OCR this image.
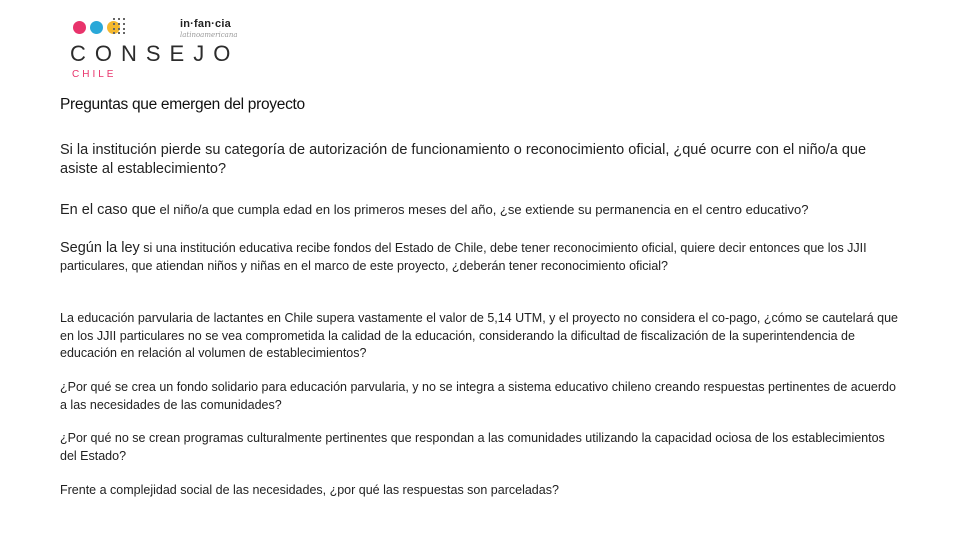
in·fan·cia
latinoamericana
CONSEJO
CHILE
Preguntas que emergen del proyecto

Si la institución pierde su categoría de autorización de funcionamiento o reconocimiento oficial, ¿qué ocurre con el niño/a que asiste al establecimiento?

En el caso que el niño/a que cumpla edad en los primeros meses del año, ¿se extiende su permanencia en el centro educativo?

Según la ley si una institución educativa recibe fondos del Estado de Chile, debe tener reconocimiento oficial, quiere decir entonces que los JJII particulares, que atiendan niños y niñas en el marco de este proyecto, ¿deberán tener reconocimiento oficial?

La educación parvularia de lactantes en Chile supera vastamente el valor de 5,14 UTM, y el proyecto no considera el co-pago, ¿cómo se cautelará que en los JJII particulares no se vea comprometida la calidad de la educación, considerando la dificultad de fiscalización de la superintendencia de educación en relación al volumen de establecimientos?

¿Por qué se crea un fondo solidario para educación parvularia, y no se integra a sistema educativo chileno creando respuestas pertinentes de acuerdo a las necesidades de las comunidades?

¿Por qué no se crean programas culturalmente pertinentes que respondan a las comunidades utilizando la capacidad ociosa de los establecimientos del Estado?

Frente a complejidad social de las necesidades, ¿por qué las respuestas son parceladas?
